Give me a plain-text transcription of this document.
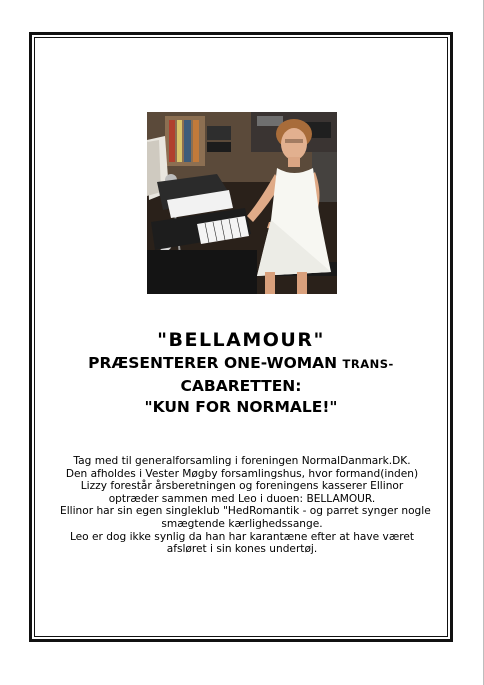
"BELLAMOUR"
PRÆSENTERER ONE-WOMAN TRANS-
CABARETTEN:
"KUN FOR NORMALE!"
Tag med til generalforsamling i foreningen NormalDanmark.DK.
Den afholdes i Vester Møgby forsamlingshus, hvor formand(inden)
Lizzy forestår årsberetningen og foreningens kasserer Ellinor
optræder sammen med Leo i duoen: BELLAMOUR.
Ellinor har sin egen singleklub "HedRomantik - og parret synger nogle
smægtende kærlighedssange.
Leo er dog ikke synlig da han har karantæne efter at have været
afsløret i sin kones undertøj.
